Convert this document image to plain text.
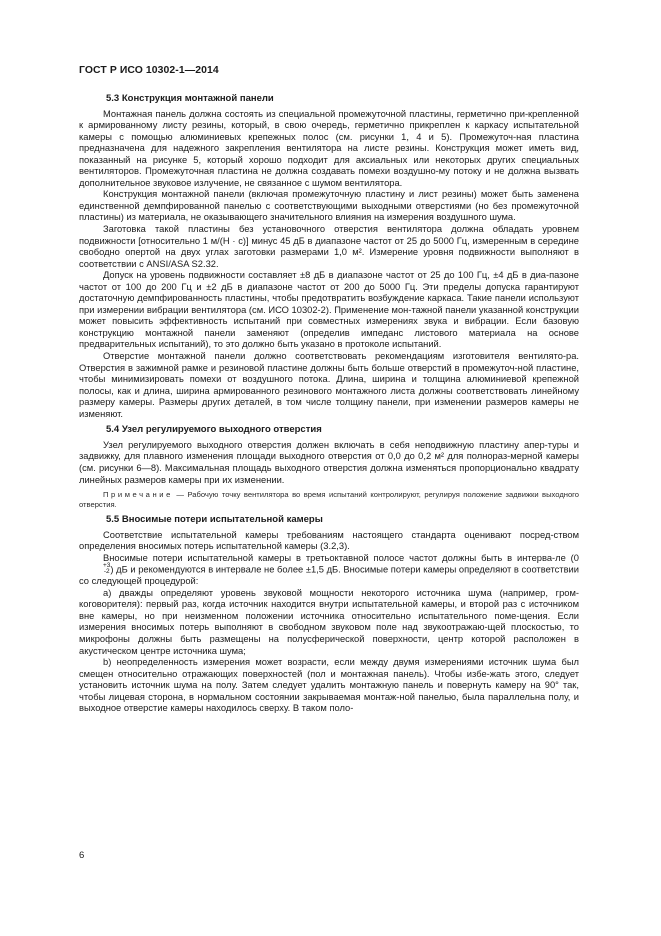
ГОСТ Р ИСО 10302-1—2014
5.3 Конструкция монтажной панели

Монтажная панель должна состоять из специальной промежуточной пластины, герметично при-крепленной к армированному листу резины, который, в свою очередь, герметично прикреплен к каркасу испытательной камеры с помощью алюминиевых крепежных полос (см. рисунки 1, 4 и 5). Промежуточ-ная пластина предназначена для надежного закрепления вентилятора на листе резины. Конструкция может иметь вид, показанный на рисунке 5, который хорошо подходит для аксиальных или некоторых других специальных вентиляторов. Промежуточная пластина не должна создавать помехи воздушно-му потоку и не должна вызвать дополнительное звуковое излучение, не связанное с шумом вентилятора.

Конструкция монтажной панели (включая промежуточную пластину и лист резины) может быть заменена единственной демпфированной панелью с соответствующими выходными отверстиями (но без промежуточной пластины) из материала, не оказывающего значительного влияния на измерения воздушного шума.

Заготовка такой пластины без установочного отверстия вентилятора должна обладать уровнем подвижности [относительно 1 м/(Н · с)] минус 45 дБ в диапазоне частот от 25 до 5000 Гц, измеренным в середине свободно опертой на двух углах заготовки размерами 1,0 м². Измерение уровня подвижности выполняют в соответствии с ANSI/ASA S2.32.

Допуск на уровень подвижности составляет ±8 дБ в диапазоне частот от 25 до 100 Гц, ±4 дБ в диа-пазоне частот от 100 до 200 Гц и ±2 дБ в диапазоне частот от 200 до 5000 Гц. Эти пределы допуска гарантируют достаточную демпфированность пластины, чтобы предотвратить возбуждение каркаса. Такие панели используют при измерении вибрации вентилятора (см. ИСО 10302-2). Применение мон-тажной панели указанной конструкции может повысить эффективность испытаний при совместных измерениях звука и вибрации. Если базовую конструкцию монтажной панели заменяют (определив импеданс листового материала на основе предварительных испытаний), то это должно быть указано в протоколе испытаний.

Отверстие монтажной панели должно соответствовать рекомендациям изготовителя вентилято-ра. Отверстия в зажимной рамке и резиновой пластине должны быть больше отверстий в промежуточ-ной пластине, чтобы минимизировать помехи от воздушного потока. Длина, ширина и толщина алюминиевой крепежной полосы, как и длина, ширина армированного резинового монтажного листа должны соответствовать линейному размеру камеры. Размеры других деталей, в том числе толщину панели, при изменении размеров камеры не изменяют.

5.4 Узел регулируемого выходного отверстия

Узел регулируемого выходного отверстия должен включать в себя неподвижную пластину апер-туры и задвижку, для плавного изменения площади выходного отверстия от 0,0 до 0,2 м² для полнораз-мерной камеры (см. рисунки 6—8). Максимальная площадь выходного отверстия должна изменяться пропорционально квадрату линейных размеров камеры при их изменении.

Примечание — Рабочую точку вентилятора во время испытаний контролируют, регулируя положение задвижки выходного отверстия.
5.5 Вносимые потери испытательной камеры

Соответствие испытательной камеры требованиям настоящего стандарта оценивают посред-ством определения вносимых потерь испытательной камеры (3.2,3).

Вносимые потери испытательной камеры в третьоктавной полосе частот должны быть в интерва-ле (0
+3
-2 ) дБ и рекомендуются в интервале не более ±1,5 дБ. Вносимые потери камеры определяют в соответствии со следующей процедурой:

а) дважды определяют уровень звуковой мощности некоторого источника шума (например, гром-коговорителя): первый раз, когда источник находится внутри испытательной камеры, и второй раз с источником вне камеры, но при неизменном положении источника относительно испытательного поме-щения. Если измерения вносимых потерь выполняют в свободном звуковом поле над звукоотражаю-щей плоскостью, то микрофоны должны быть размещены на полусферической поверхности, центр которой расположен в акустическом центре источника шума;

b) неопределенность измерения может возрасти, если между двумя измерениями источник шума был смещен относительно отражающих поверхностей (пол и монтажная панель). Чтобы избе-жать этого, следует установить источник шума на полу. Затем следует удалить монтажную панель и повернуть камеру на 90° так, чтобы лицевая сторона, в нормальном состоянии закрываемая монтаж-ной панелью, была параллельна полу, и выходное отверстие камеры находилось сверху. В таком поло-

6
